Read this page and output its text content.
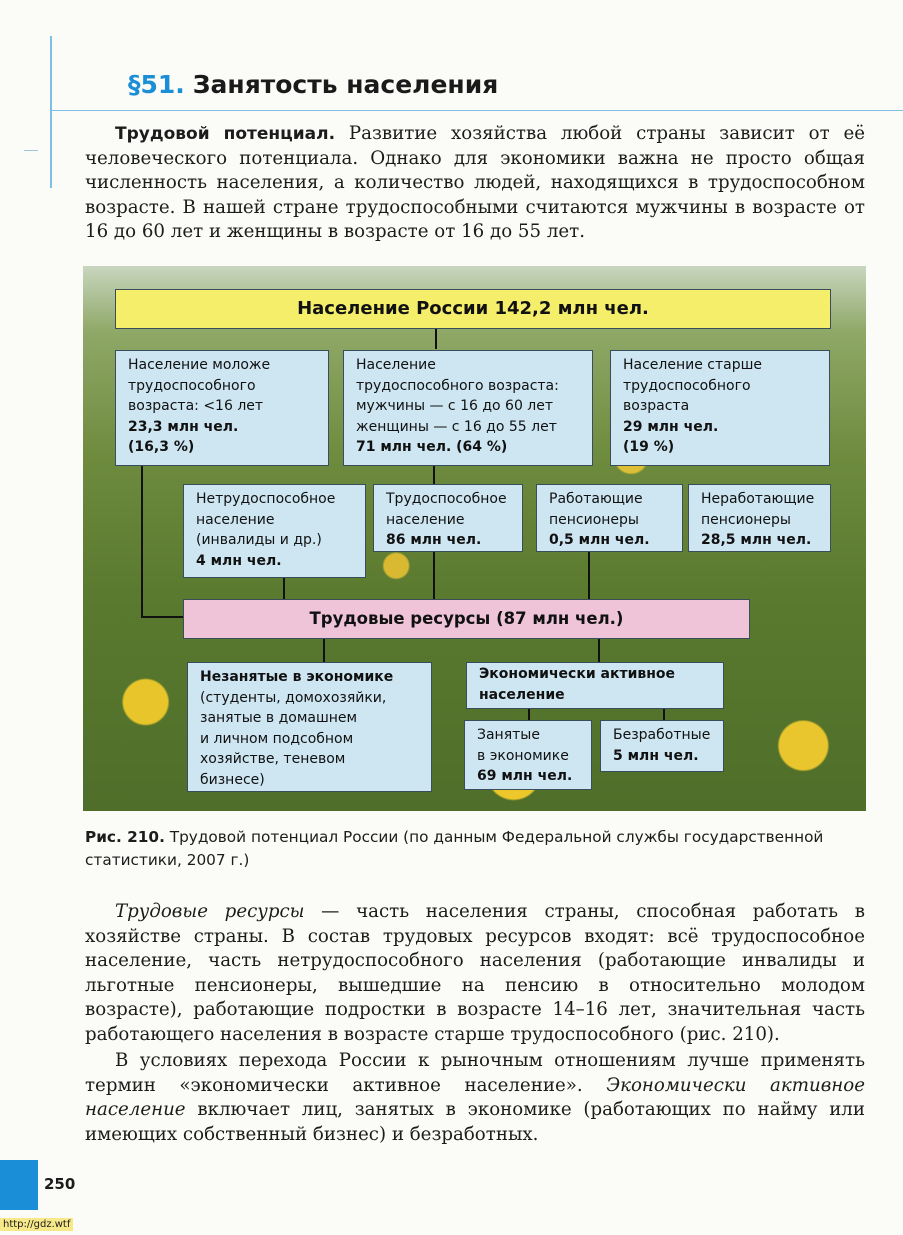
§51. Занятость населения

Трудовой потенциал. Развитие хозяйства любой страны зависит от её человеческого потенциала. Однако для экономики важна не просто общая численность населения, а количество людей, находящихся в трудоспособном возрасте. В нашей стране трудоспособными считаются мужчины в возрасте от 16 до 60 лет и женщины в возрасте от 16 до 55 лет.

Население России 142,2 млн чел.
Население моложе
трудоспособного
возраста: <16 лет
23,3 млн чел.
(16,3 %)
Население
трудоспособного возраста:
мужчины — с 16 до 60 лет
женщины — с 16 до 55 лет
71 млн чел. (64 %)
Население старше
трудоспособного
возраста
29 млн чел.
(19 %)
Нетрудоспособное
население
(инвалиды и др.)
4 млн чел.
Трудоспособное
население
86 млн чел.
Работающие
пенсионеры
0,5 млн чел.
Неработающие
пенсионеры
28,5 млн чел.
Трудовые ресурсы (87 млн чел.)
Незанятые в экономике
(студенты, домохозяйки,
занятые в домашнем
и личном подсобном
хозяйстве, теневом
бизнесе)
Экономически активное
население
Занятые
в экономике
69 млн чел.
Безработные
5 млн чел.
Рис. 210. Трудовой потенциал России (по данным Федеральной службы государственной статистики, 2007 г.)

Трудовые ресурсы — часть населения страны, способная работать в хозяйстве страны. В состав трудовых ресурсов входят: всё трудоспособное население, часть нетрудоспособного населения (работающие инвалиды и льготные пенсионеры, вышедшие на пенсию в относительно молодом возрасте), работающие подростки в возрасте 14–16 лет, значительная часть работающего населения в возрасте старше трудоспособного (рис. 210).

В условиях перехода России к рыночным отношениям лучше применять термин «экономически активное население». Экономически активное население включает лиц, занятых в экономике (работающих по найму или имеющих собственный бизнес) и безработных.

250
http://gdz.wtf
